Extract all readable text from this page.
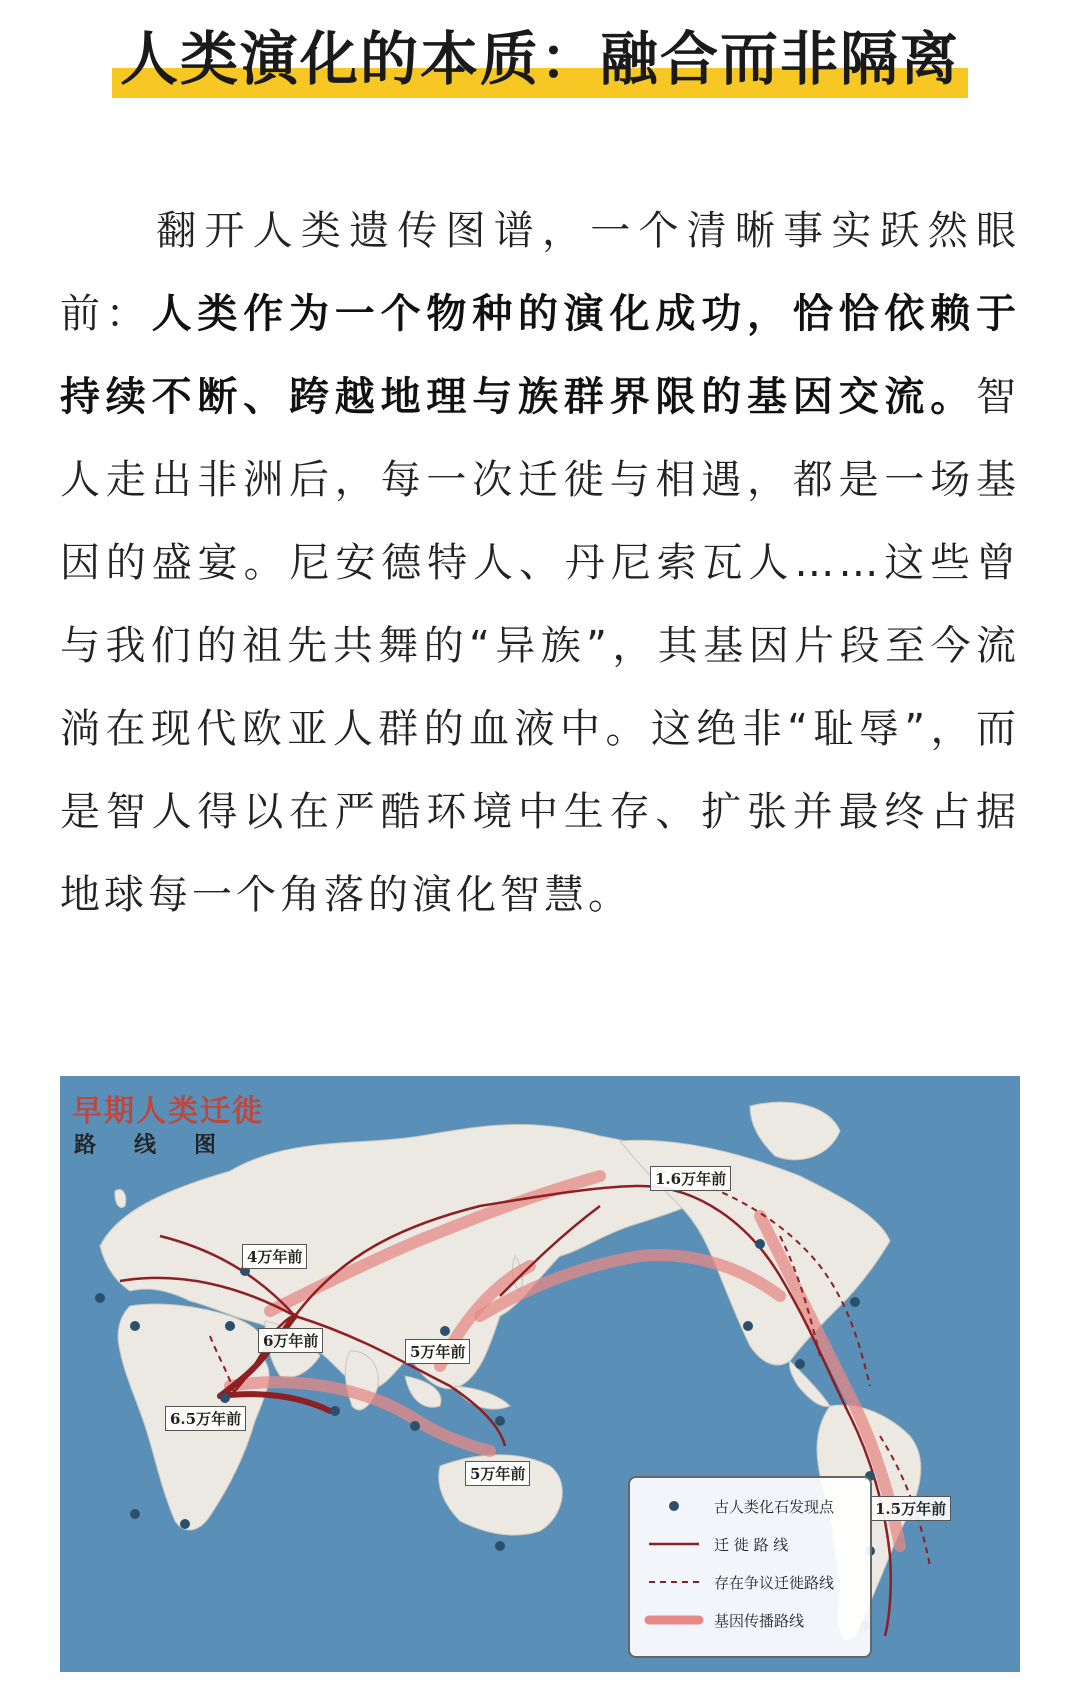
人类演化的本质：融合而非隔离

翻开人类遗传图谱，一个清晰事实跃然眼前：人类作为一个物种的演化成功，恰恰依赖于持续不断、跨越地理与族群界限的基因交流。智人走出非洲后，每一次迁徙与相遇，都是一场基因的盛宴。尼安德特人、丹尼索瓦人……这些曾与我们的祖先共舞的“异族”，其基因片段至今流淌在现代欧亚人群的血液中。这绝非“耻辱”，而是智人得以在严酷环境中生存、扩张并最终占据地球每一个角落的演化智慧。

早期人类迁徙
路线图
1.6万年前
4万年前
6万年前
5万年前
6.5万年前
5万年前
1.5万年前
古人类化石发现点
迁 徙 路 线
存在争议迁徙路线
基因传播路线
